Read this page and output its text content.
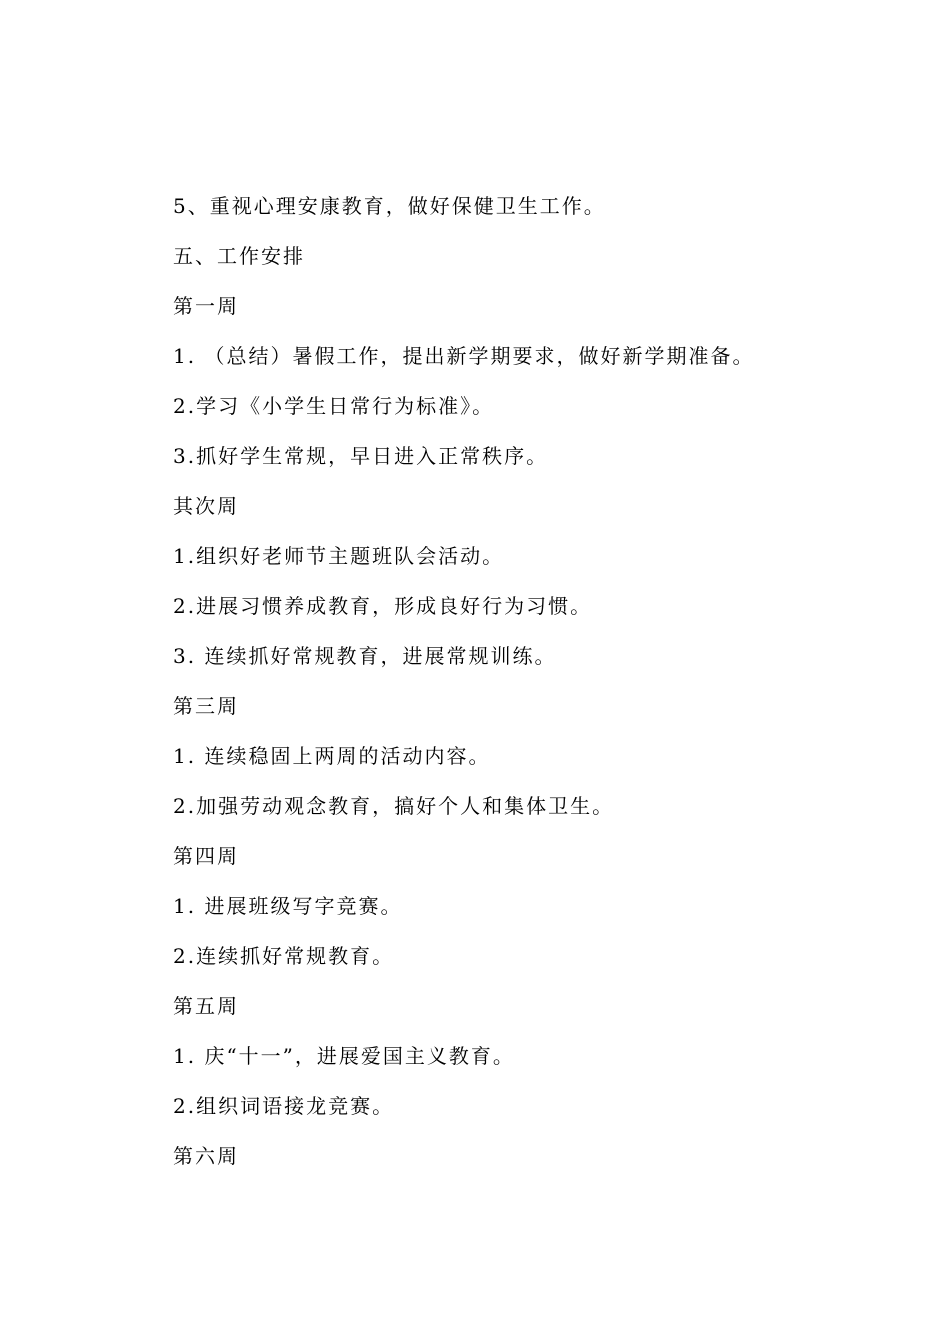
5、重视心理安康教育，做好保健卫生工作。
五、工作安排
第一周
1. （总结）暑假工作，提出新学期要求，做好新学期准备。
2.学习《小学生日常行为标准》。
3.抓好学生常规，早日进入正常秩序。
其次周
1.组织好老师节主题班队会活动。
2.进展习惯养成教育，形成良好行为习惯。
3. 连续抓好常规教育，进展常规训练。
第三周
1. 连续稳固上两周的活动内容。
2.加强劳动观念教育，搞好个人和集体卫生。
第四周
1. 进展班级写字竞赛。
2.连续抓好常规教育。
第五周
1. 庆“十一”，进展爱国主义教育。
2.组织词语接龙竞赛。
第六周
